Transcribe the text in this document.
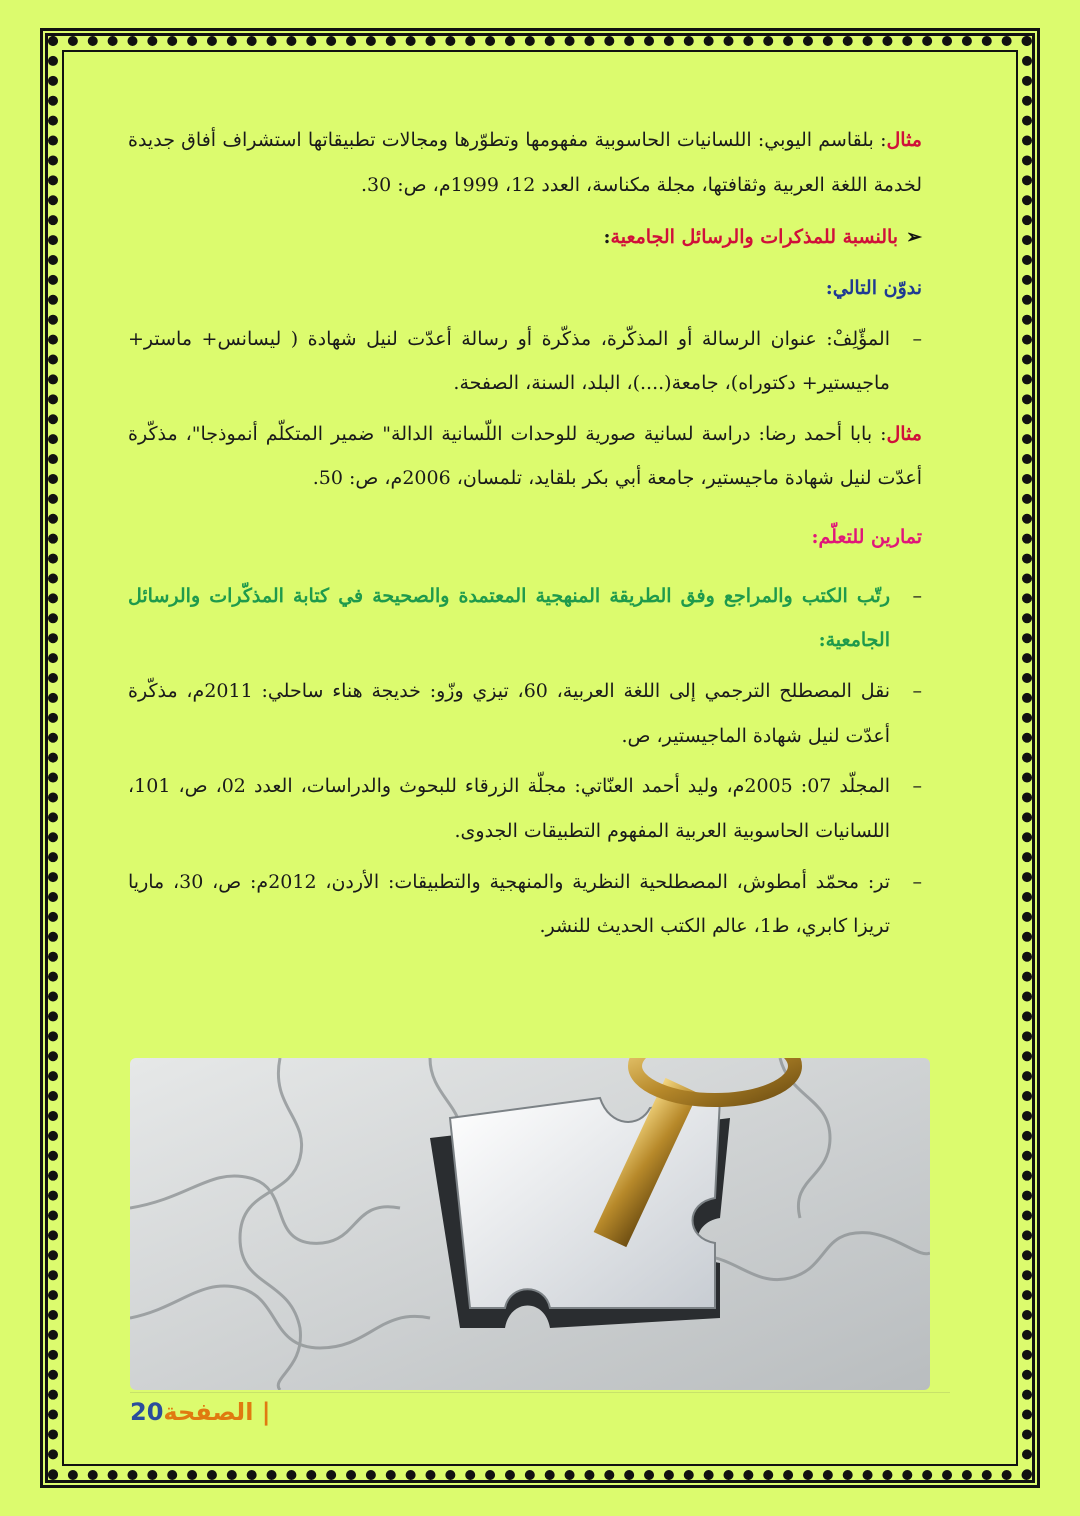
مثال: بلقاسم اليوبي: اللسانيات الحاسوبية مفهومها وتطوّرها ومجالات تطبيقاتها استشراف أفاق جديدة لخدمة اللغة العربية وثقافتها، مجلة مكناسة، العدد 12، 1999م، ص: 30.

➢بالنسبة للمذكرات والرسائل الجامعية:

ندوّن التالي:

–
المؤّلِفْ: عنوان الرسالة أو المذكّرة، مذكّرة أو رسالة أعدّت لنيل شهادة ( ليسانس+ ماستر+ ماجيستير+ دكتوراه)، جامعة(....)، البلد، السنة، الصفحة.

مثال: بابا أحمد رضا: دراسة لسانية صورية للوحدات اللّسانية الدالة" ضمير المتكلّم أنموذجا"، مذكّرة أعدّت لنيل شهادة ماجيستير، جامعة أبي بكر بلقايد، تلمسان، 2006م، ص: 50.

تمارين للتعلّم:

–
رتّب الكتب والمراجع وفق الطريقة المنهجية المعتمدة والصحيحة في كتابة المذكّرات والرسائل الجامعية:

–
نقل المصطلح الترجمي إلى اللغة العربية، 60، تيزي وزّو: خديجة هناء ساحلي: 2011م، مذكّرة أعدّت لنيل شهادة الماجيستير، ص.

–
المجلّد 07: 2005م، وليد أحمد العنّاتي: مجلّة الزرقاء للبحوث والدراسات، العدد 02، ص، 101، اللسانيات الحاسوبية العربية المفهوم التطبيقات الجدوى.

–
تر: محمّد أمطوش، المصطلحية النظرية والمنهجية والتطبيقات: الأردن، 2012م: ص، 30، ماريا تريزا كابري، ط1، عالم الكتب الحديث للنشر.

| الصفحة20
